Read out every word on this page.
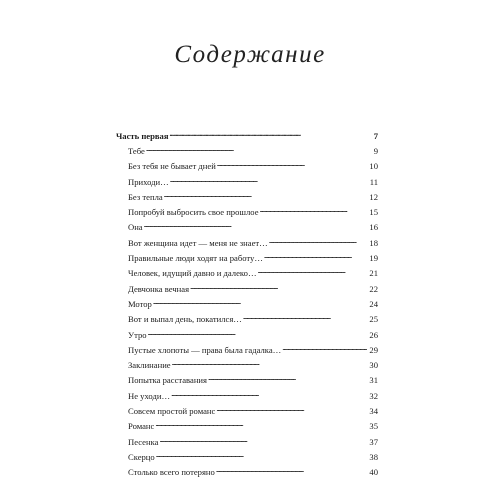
Содержание
Часть первая . . .	7
Тебе . . .	9
Без тебя не бывает дней . . .	10
Приходи… . . .	11
Без тепла . . .	12
Попробуй выбросить свое прошлое . . .	15
Она . . .	16
Вот женщина идет — меня не знает… . . .	18
Правильные люди ходят на работу… . . .	19
Человек, идущий давно и далеко… . . .	21
Девчонка вечная . . .	22
Мотор . . .	24
Вот и выпал день, покатился… . . .	25
Утро . . .	26
Пустые хлопоты — права была гадалка… . . .	29
Заклинание . . .	30
Попытка расставания . . .	31
Не уходи… . . .	32
Совсем простой романс . . .	34
Романс . . .	35
Песенка . . .	37
Скерцо . . .	38
Столько всего потеряно . . .	40
